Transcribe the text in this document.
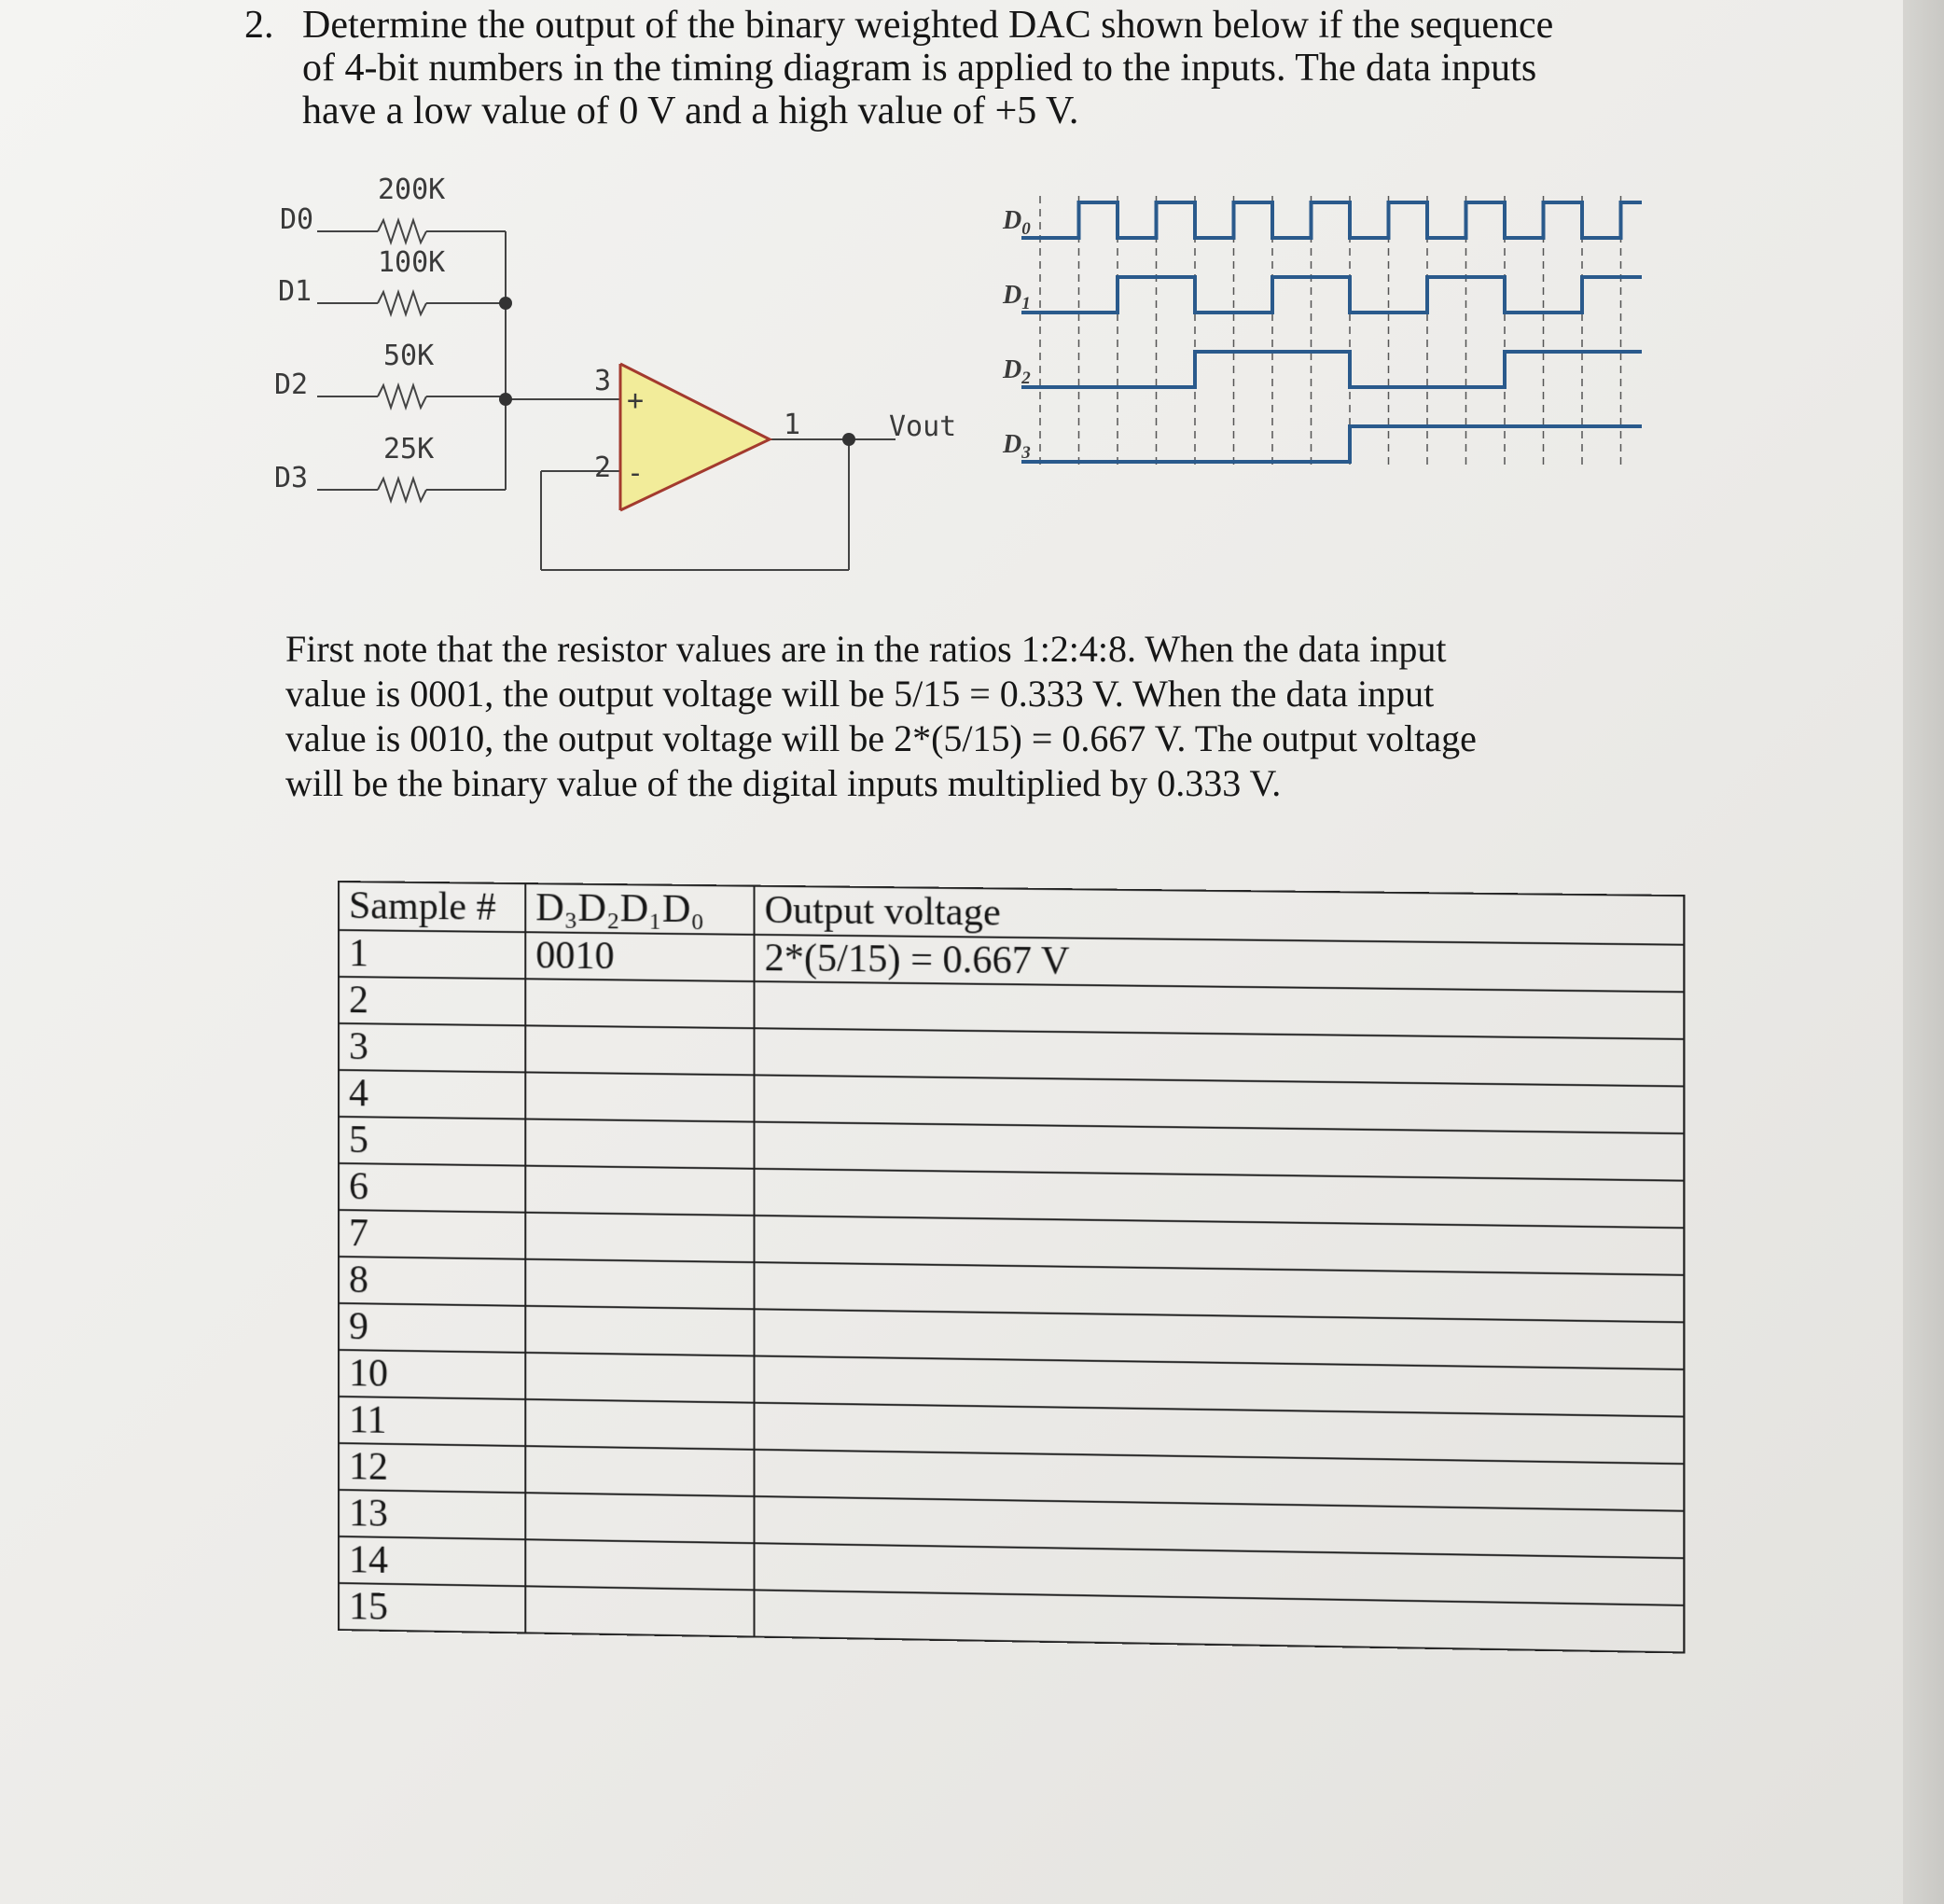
2. Determine the output of the binary weighted DAC shown below if the sequence
of 4-bit numbers in the timing diagram is applied to the inputs. The data inputs
have a low value of 0 V and a high value of +5 V.
D0
D1
D2
D3
200K
100K
50K
25K
3
2
1
+
-
Vout
$D_0$
$D_1$
$D_2$
$D_3$
First note that the resistor values are in the ratios 1:2:4:8. When the data input
value is 0001, the output voltage will be 5/15 = 0.333 V. When the data input
value is 0010, the output voltage will be 2*(5/15) = 0.667 V. The output voltage
will be the binary value of the digital inputs multiplied by 0.333 V.
Sample #	D₃D₂D₁D₀	Output voltage
1	0010	2*(5/15) = 0.667 V
2		
3		
4		
5		
6		
7		
8		
9		
10		
11		
12		
13		
14		
15		
